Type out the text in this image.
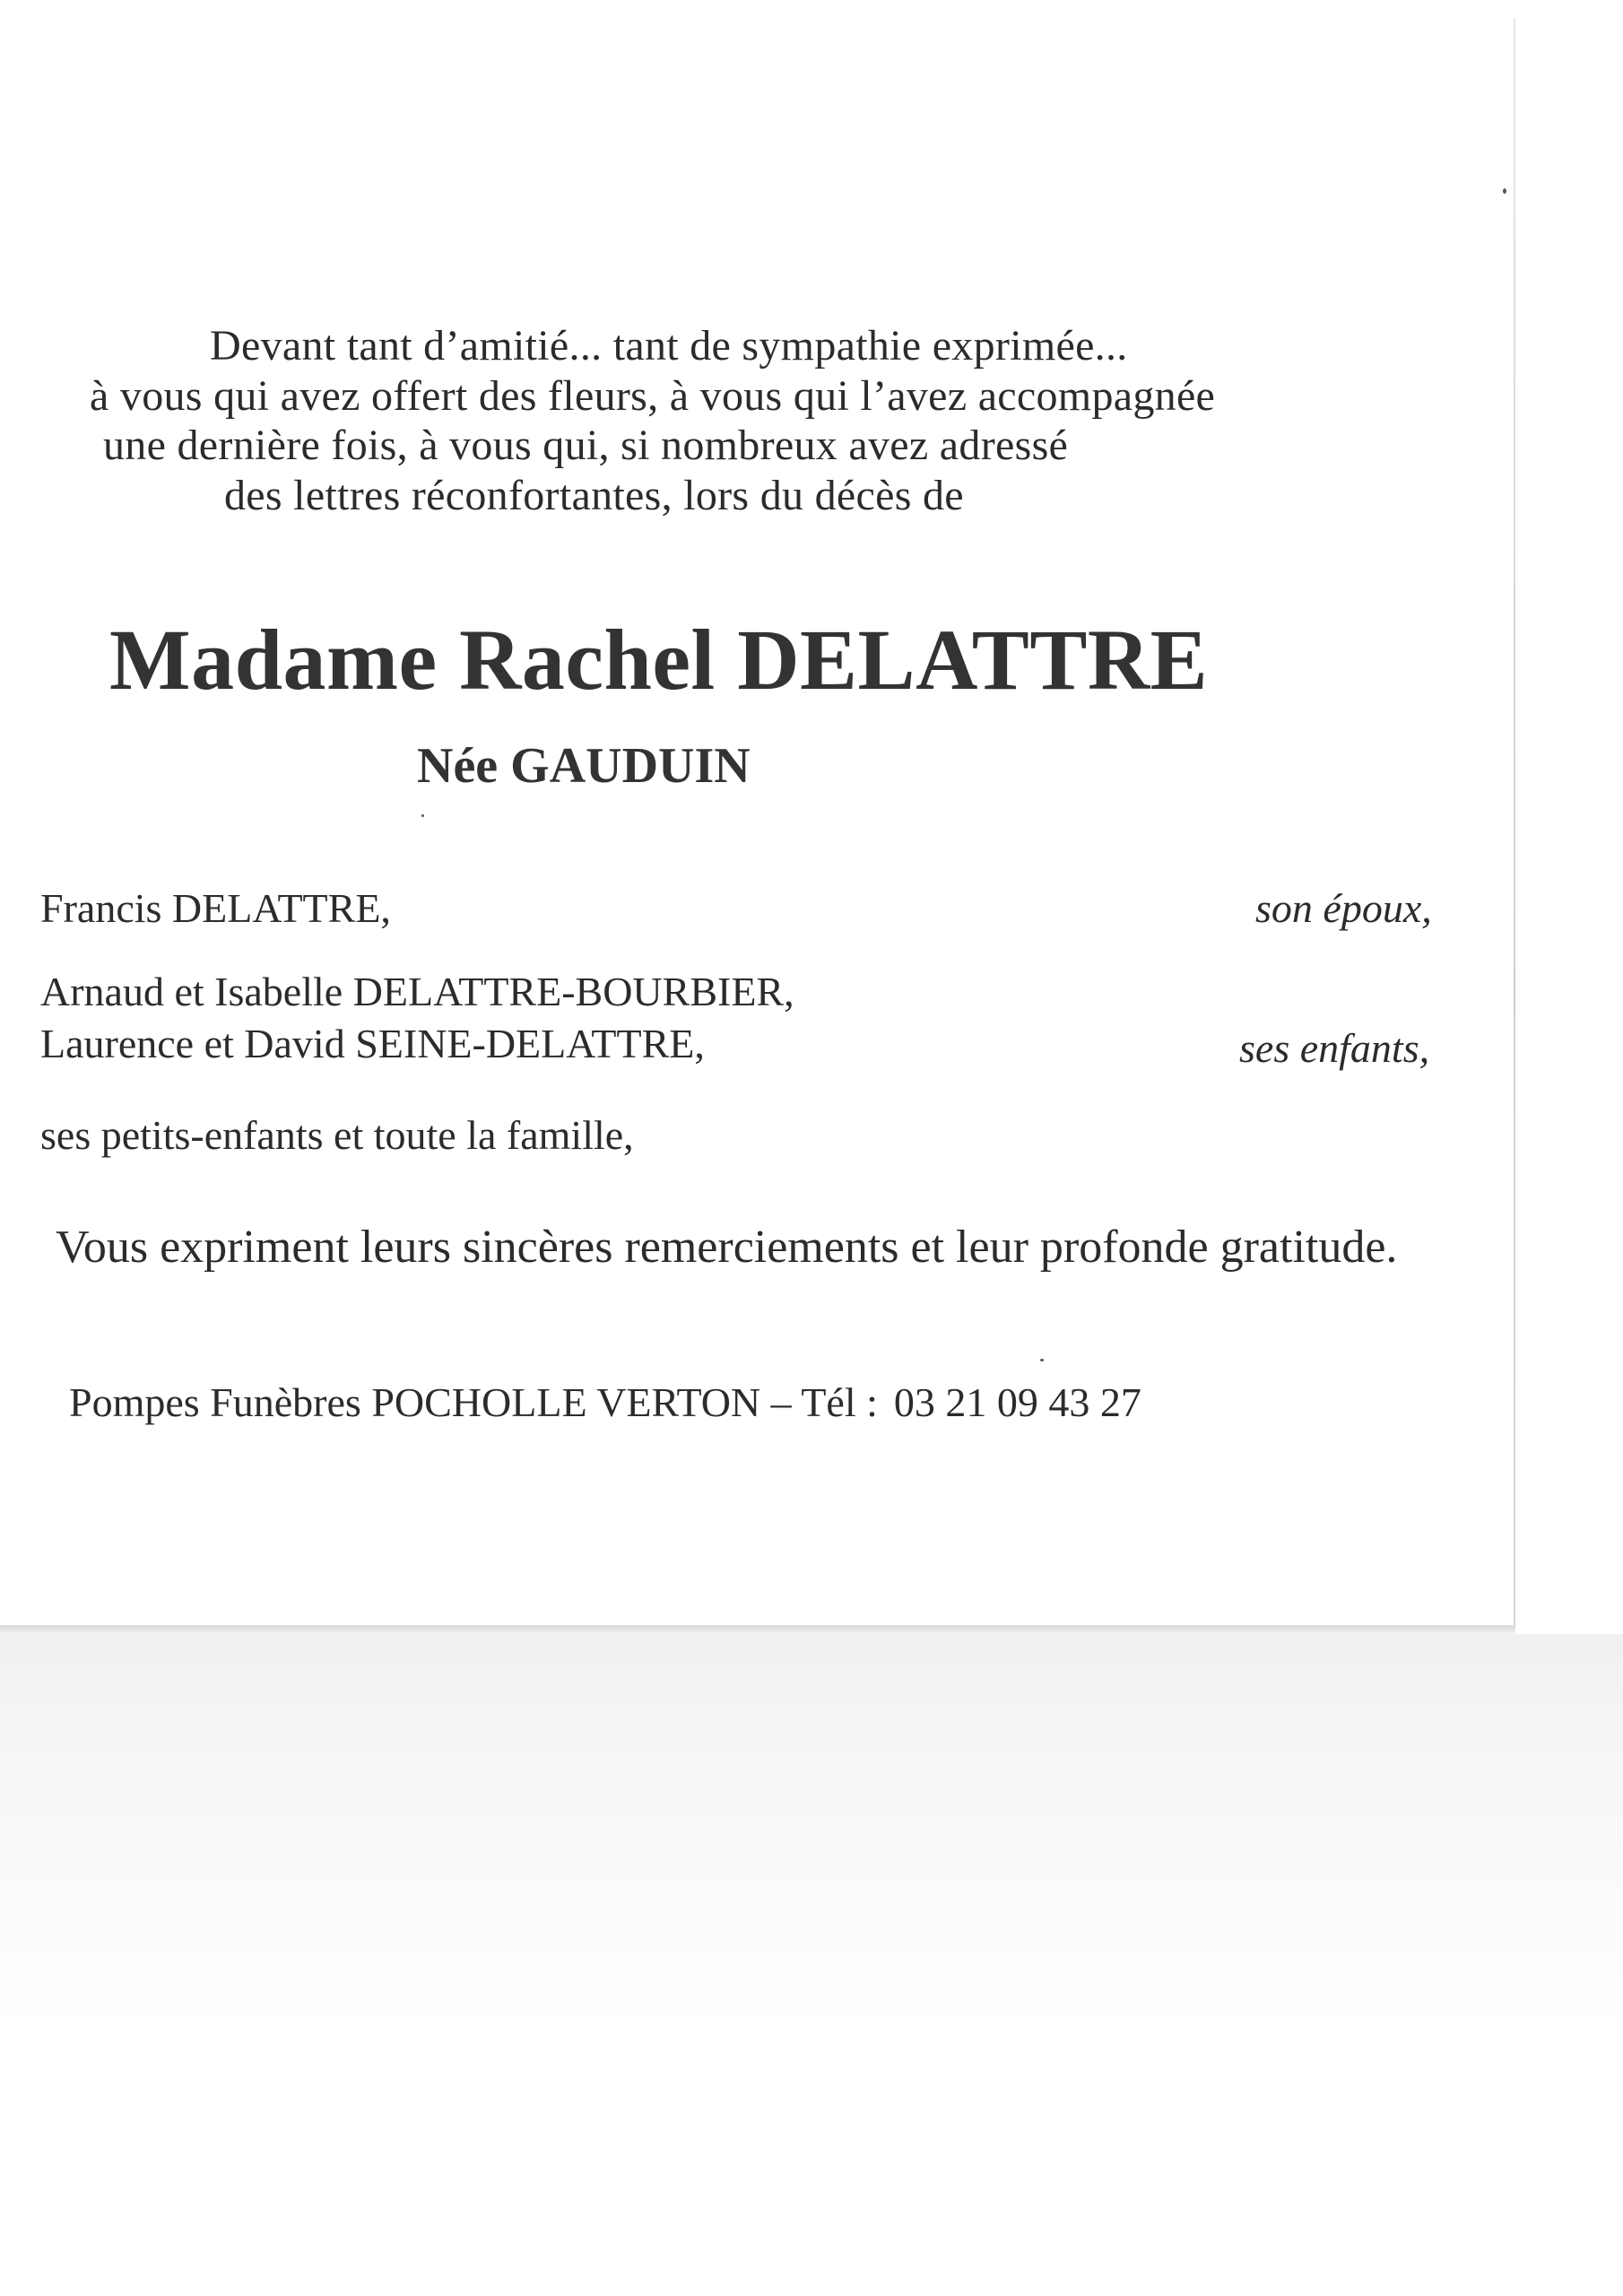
Devant tant d’amitié... tant de sympathie exprimée...

à vous qui avez offert des fleurs, à vous qui l’avez accompagnée

une dernière fois, à vous qui, si nombreux avez adressé

des lettres réconfortantes, lors du décès de

Madame Rachel DELATTRE
Née GAUDUIN

Francis DELATTRE,	son époux,

Arnaud et Isabelle DELATTRE-BOURBIER,

Laurence et David SEINE-DELATTRE,	ses enfants,

ses petits-enfants et toute la famille,

Vous expriment leurs sincères remerciements et leur profonde gratitude.

Pompes Funèbres POCHOLLE VERTON – Tél : 03 21 09 43 27
